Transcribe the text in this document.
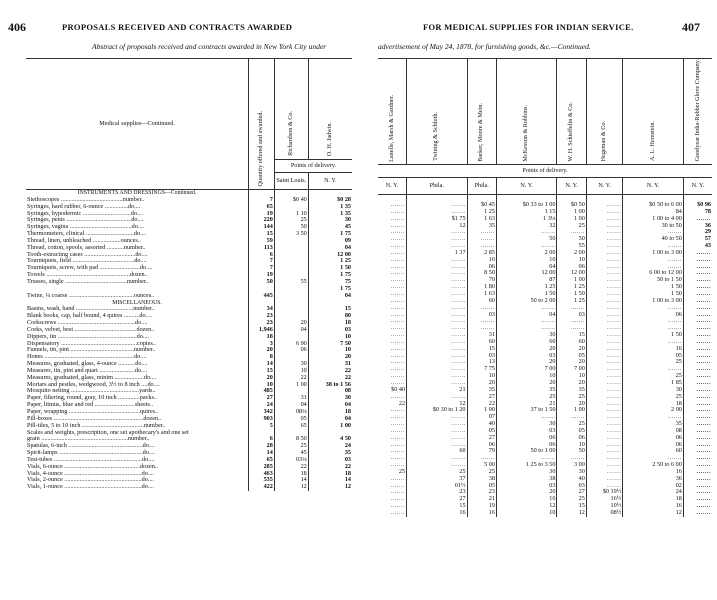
406	PROPOSALS RECEIVED AND CONTRACTS AWARDED
Abstract of proposals received and contracts awarded in New York City under
Medical supplies—Continued.	Quantity offered and awarded.	Richardson & Co.	O. H. Jadwin.
		Points of delivery.	
		Saint Louis.	N. Y.
INSTRUMENTS AND DRESSINGS—Continued.			
Stethoscopes ........................................number..	7	$0 40	$0 28
Syringes, hard rubber, 6-ounce ...............do....	65		1 35
Syringes, hypodermic ...............................do....	19	1 10	1 35
Syringes, penis ..........................................do....	220	25	30

Syringes, vagina ........................................do....	144	50	45

Thermometers, clinical ...............................do....	15	3 50	1 75
Thread, linen, unbleached ..................ounces..	59		09
Thread, cotton, spools, assorted ...........number..	113		04
Tooth-extracting cases .................................do....	6		12 00
Tourniquets, field ........................................do....	7		1 25
Tourniquets, screw, with pad ..........................do....	7		1 50
Towels ......................................................dozen..	19		1 75
Trusses, single ........................................number..	50	55	75
			1 75
Twine, ¼ coarse ..........................................ounces..	445		04
MISCELLANEOUS.			
Basins, wash, hand .....................................number..	34		15
Blank books, cap, half bound, 4 quires ..........do....	23		80
Corkscrews ..................................................do....	23	20	18
Corks, velvet, best ........................................dozen..	1,946	04	03
Dippers, tin ...................................................do....	18		10
Dispensatory .................................................copies..	3	6 90	7 50
Funnels, tin, pint .........................................number..	20	06	10
Hones ..........................................................do....	8		20
Measures, graduated, glass, 4-ounce ...........do....	14	30	31
Measures, tin, pint and quart .......................do....	15	10	22
Measures, graduated, glass, minim ...................do....	20	22	22
Mortars and pestles, wedgwood, 3½ to 8 inch ....do....	10	1 00	38 to 1 56
Mosquito netting ............................................yards..	485		08
Paper, filtering, round, gray, 10 inch ..............packs..	27	31	30
Paper, litmus, blue and red ..........................sheets..	24	04	04
Paper, wrapping ..............................................quires..	342	08¼	18
Pill-boxes ..........................................................dozen..	903	05	04
Pill-tiles, 5 to 10 inch ........................................number..	5	65	1 00
Scales and weights, prescription, one set apothecary's and one set			
grain ........................................................number..	6	8 50	4 50
Spatulas, 6-inch ................................................do....	28	25	24
Spirit-lamps ......................................................do....	14	45	35
Test-tubes .........................................................do....	65	03¼	03
Vials, 6-ounce .................................................dozen..	285	22	22
Vials, 4-ounce ..................................................do....	463	18	18
Vials, 2-ounce ..................................................do....	535	14	14
Vials, 1-ounce ..................................................do....	422	12	12
FOR MEDICAL SUPPLIES FOR INDIAN SERVICE.	407
advertisement of May 24, 1878, for furnishing goods, &c.—Continued.
Lanelle, Marsh & Gardner.	Twining & Schloth.	Barker, Moore & Mein.	McKesson & Robbins.	W. H. Schieffelin & Co.	Hegeman & Co.	A. L. Hernstein.	Goodyear India-Rubber Glove Company.
Points of delivery.							
N. Y.	Phila.	Phila.	N. Y.	N. Y.	N. Y.	N. Y.	N. Y.

.......	.......	$0 45	$0 33 to 1 00	$0 50	.......	$0 50 to 6 00	$0 96
.......	.......	1 25	1 15	1 00	.......	84	78
.......	$1 75	1 63	1 3⅛	1 00	.......	1 00 to 4 00	.......
.......	12	35	32	25	.......	30 to 50	36
.......	.......	.......	.......	.......	.......	.......	29
.......	.......	.......	50	50	.......	40 to 50	57
.......	.......	.......	.......	55	.......	.......	43
.......	1 37	2 85	2 00	2 00	.......	1 00 to 3 00	.......
.......	.......	10	10	10	.......	.......	.......
.......	.......	06	04	06	.......	.......	.......
.......	.......	8 50	12 00	12 00	.......	6 00 to 12 00	.......
.......	.......	70	87	1 00	.......	50 to 1 50	.......
.......	.......	1 80	1 25	1 25	.......	1 50	.......
.......	.......	1 63	1 50	1 50	.......	1 50	.......
.......	.......	60	50 to 2 00	1 25	.......	1 00 to 3 00	.......
.......	.......	.......	.......	.......	.......	.......	.......
.......	.......	03	04	03	.......	06	.......
.......	.......	.......	.......	.......	.......	.......	.......
.......	.......	.......	.......	.......	.......	.......	.......
.......	.......	31	30	15	.......	1 50	.......
.......	.......	60	60	60	.......	.......	.......
.......	.......	15	20	20	.......	16	.......
.......	.......	03	03	05	.......	05	.......
.......	.......	13	20	20	.......	25	.......
.......	.......	7 75	7 00	7 00	.......	.......	.......
.......	.......	10	10	10	.......	25	.......
.......	.......	20	20	20	.......	1 85	.......
$0 40	21	35	35	35	.......	30	.......
.......	.......	27	25	25	.......	25	.......
22	12	22	21	20	.......	18	.......
.......	$0 30 to 1 20	1 00	37 to 1 50	1 00	.......	2 00	.......
.......	.......	07	.......	.......	.......	.......	.......
.......	.......	40	30	25	.......	35	.......
.......	.......	05	03	05	.......	08	.......
.......	.......	27	06	06	.......	06	.......
.......	.......	06	06	10	.......	06	.......
.......	60	79	50 to 1 00	50	.......	60	.......
.......	.......	.......	.......	.......	.......	.......	.......
.......	.......	5 00	1 25 to 3 50	3 00	.......	2 50 to 6 00	.......
25	25	25	30	30	.......	16	.......
.......	37	38	38	40	.......	36	.......
.......	01½	05	03	03	.......	02	.......
.......	23	23	20	27	$0 19½	24	.......
.......	27	21	16	25	16½	18	.......
.......	15	19	12	15	10½	16	.......
.......	16	16	10	12	08½	12	.......
